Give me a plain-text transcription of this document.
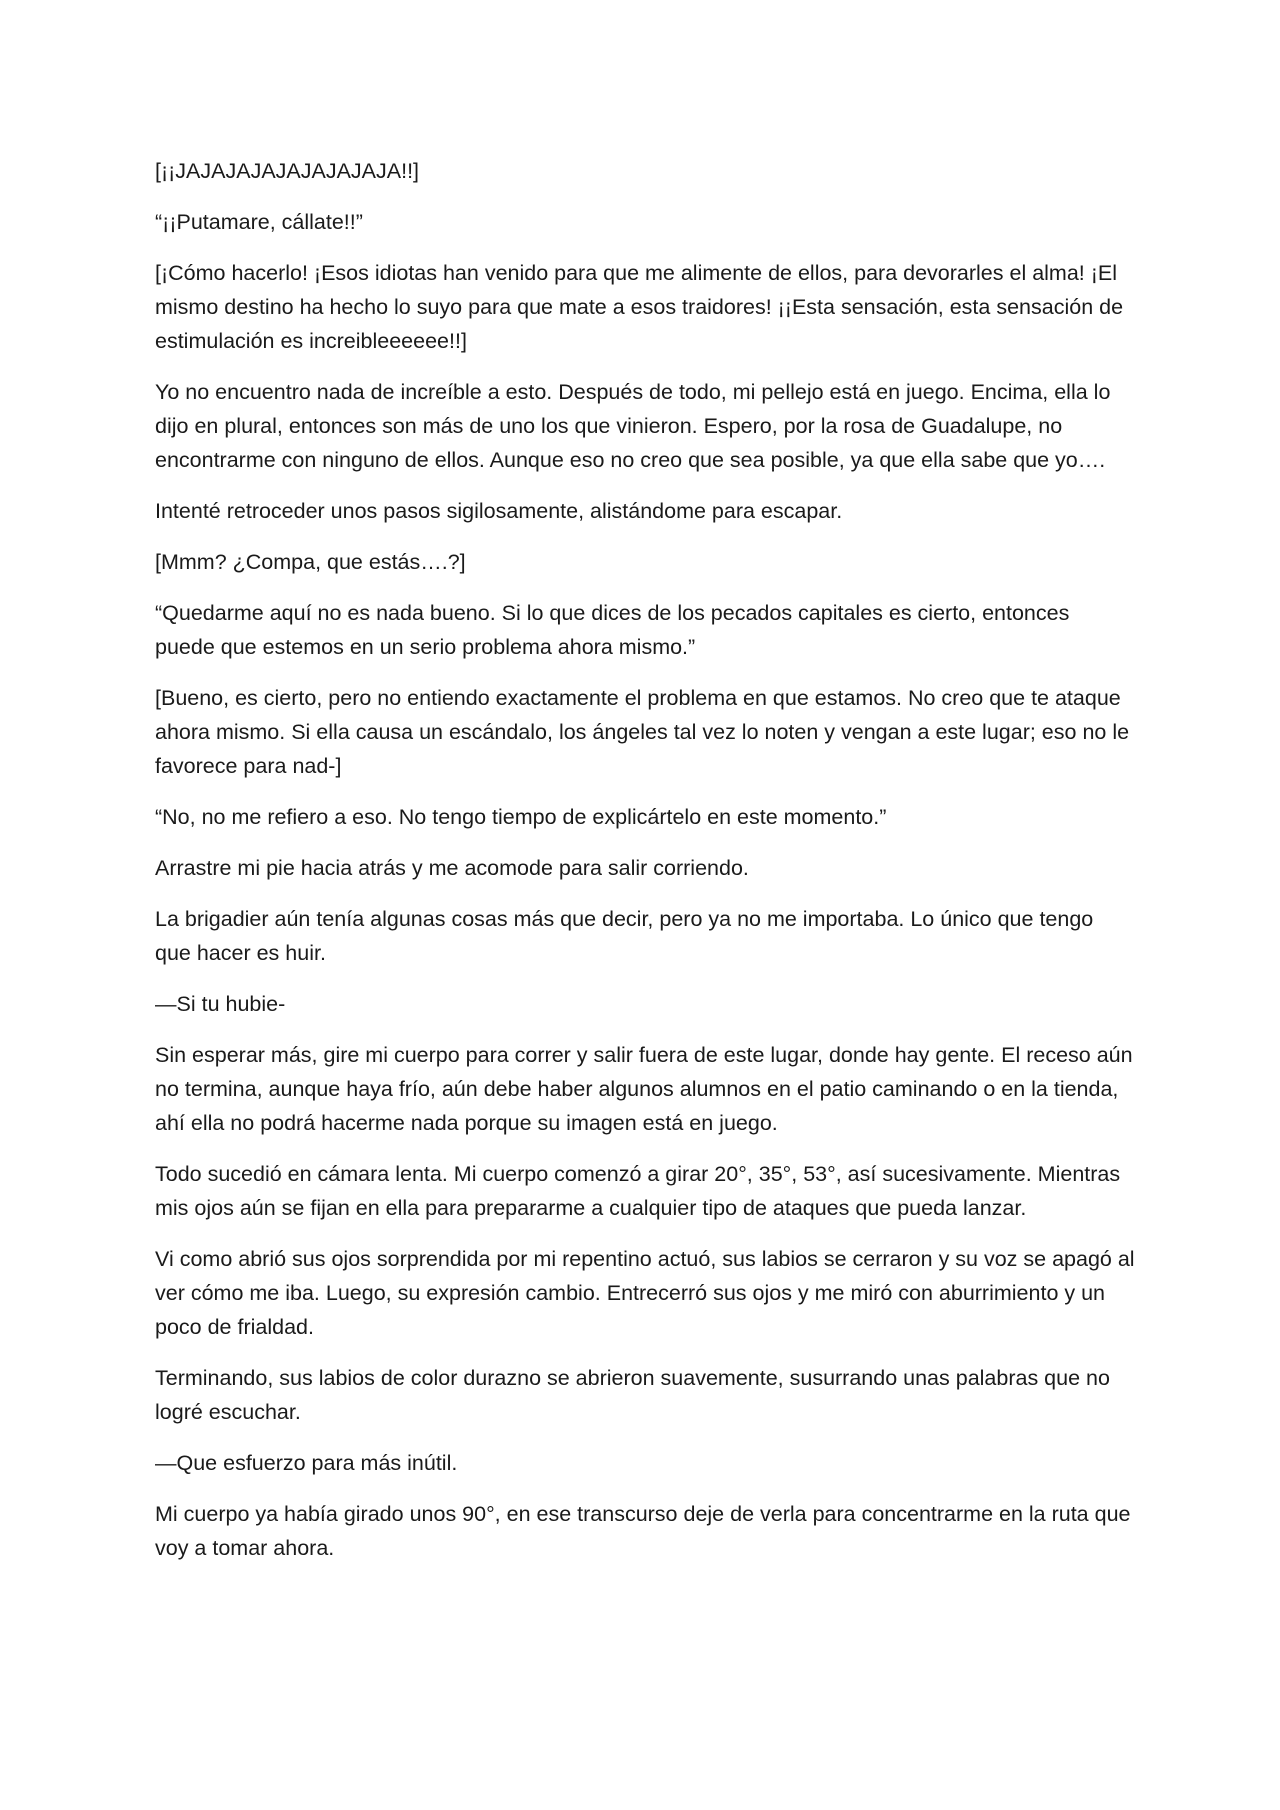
[¡¡JAJAJAJAJAJAJAJAJA!!]

“¡¡Putamare, cállate!!”

[¡Cómo hacerlo! ¡Esos idiotas han venido para que me alimente de ellos, para devorarles el alma! ¡El mismo destino ha hecho lo suyo para que mate a esos traidores! ¡¡Esta sensación, esta sensación de estimulación es increibleeeeee!!]

Yo no encuentro nada de increíble a esto. Después de todo, mi pellejo está en juego. Encima, ella lo dijo en plural, entonces son más de uno los que vinieron. Espero, por la rosa de Guadalupe, no encontrarme con ninguno de ellos. Aunque eso no creo que sea posible, ya que ella sabe que yo….

Intenté retroceder unos pasos sigilosamente, alistándome para escapar.

[Mmm? ¿Compa, que estás….?]

“Quedarme aquí no es nada bueno. Si lo que dices de los pecados capitales es cierto, entonces puede que estemos en un serio problema ahora mismo.”

[Bueno, es cierto, pero no entiendo exactamente el problema en que estamos. No creo que te ataque ahora mismo. Si ella causa un escándalo, los ángeles tal vez lo noten y vengan a este lugar; eso no le favorece para nad-]

“No, no me refiero a eso. No tengo tiempo de explicártelo en este momento.”

Arrastre mi pie hacia atrás y me acomode para salir corriendo.

La brigadier aún tenía algunas cosas más que decir, pero ya no me importaba. Lo único que tengo que hacer es huir.

—Si tu hubie-

Sin esperar más, gire mi cuerpo para correr y salir fuera de este lugar, donde hay gente. El receso aún no termina, aunque haya frío, aún debe haber algunos alumnos en el patio caminando o en la tienda, ahí ella no podrá hacerme nada porque su imagen está en juego.

Todo sucedió en cámara lenta. Mi cuerpo comenzó a girar 20°, 35°, 53°, así sucesivamente. Mientras mis ojos aún se fijan en ella para prepararme a cualquier tipo de ataques que pueda lanzar.

Vi como abrió sus ojos sorprendida por mi repentino actuó, sus labios se cerraron y su voz se apagó al ver cómo me iba. Luego, su expresión cambio. Entrecerró sus ojos y me miró con aburrimiento y un poco de frialdad.

Terminando, sus labios de color durazno se abrieron suavemente, susurrando unas palabras que no logré escuchar.

—Que esfuerzo para más inútil.

Mi cuerpo ya había girado unos 90°, en ese transcurso deje de verla para concentrarme en la ruta que voy a tomar ahora.
